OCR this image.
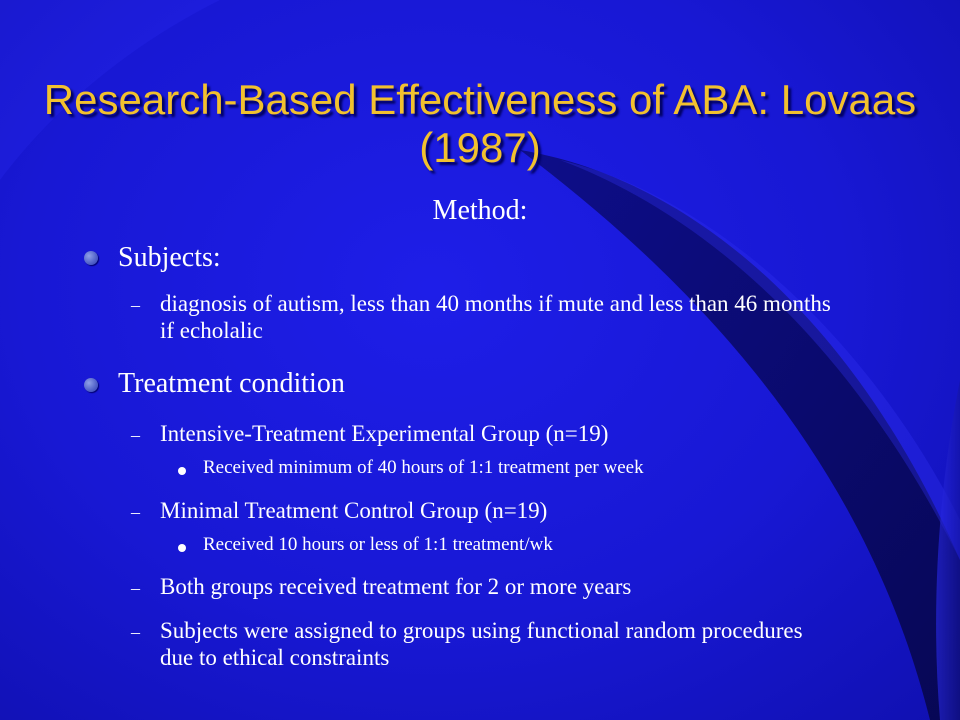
Research-Based Effectiveness of ABA: Lovaas (1987)
Method:
Subjects:
– diagnosis of autism, less than 40 months if mute and less than 46 months if echolalic
Treatment condition
– Intensive-Treatment Experimental Group (n=19)
Received minimum of 40 hours of 1:1 treatment per week
– Minimal Treatment Control Group (n=19)
Received 10 hours or less of 1:1 treatment/wk
– Both groups received treatment for 2 or more years
– Subjects were assigned to groups using functional random procedures due to ethical constraints
